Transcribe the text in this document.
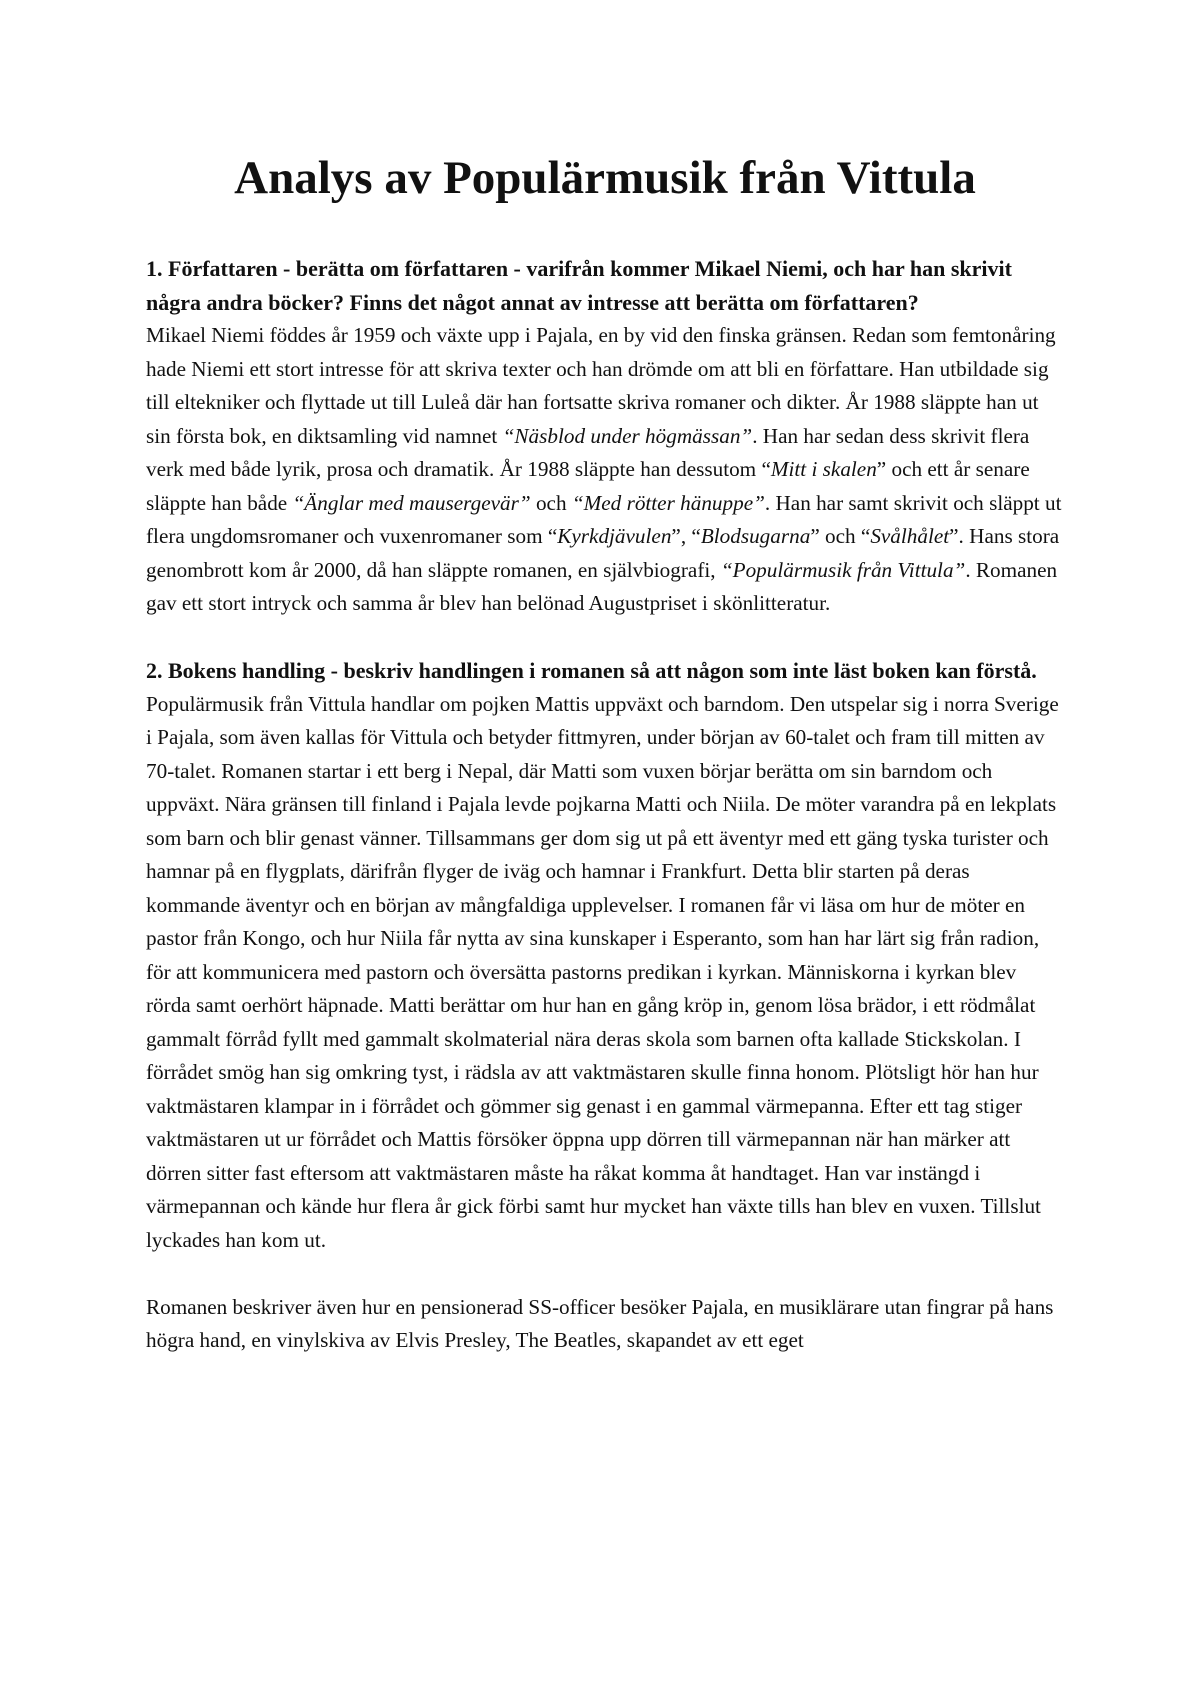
Analys av Populärmusik från Vittula

1. Författaren - berätta om författaren - varifrån kommer Mikael Niemi, och har han skrivit några andra böcker? Finns det något annat av intresse att berätta om författaren?

Mikael Niemi föddes år 1959 och växte upp i Pajala, en by vid den finska gränsen. Redan som femtonåring hade Niemi ett stort intresse för att skriva texter och han drömde om att bli en författare. Han utbildade sig till eltekniker och flyttade ut till Luleå där han fortsatte skriva romaner och dikter. År 1988 släppte han ut sin första bok, en diktsamling vid namnet “Näsblod under högmässan”. Han har sedan dess skrivit flera verk med både lyrik, prosa och dramatik. År 1988 släppte han dessutom “Mitt i skalen” och ett år senare släppte han både “Änglar med mausergevär” och “Med rötter hänuppe”. Han har samt skrivit och släppt ut flera ungdomsromaner och vuxenromaner som “Kyrkdjävulen”, “Blodsugarna” och “Svålhålet”. Hans stora genombrott kom år 2000, då han släppte romanen, en självbiografi, “Populärmusik från Vittula”. Romanen gav ett stort intryck och samma år blev han belönad Augustpriset i skönlitteratur.

2. Bokens handling - beskriv handlingen i romanen så att någon som inte läst boken kan förstå.

Populärmusik från Vittula handlar om pojken Mattis uppväxt och barndom. Den utspelar sig i norra Sverige i Pajala, som även kallas för Vittula och betyder fittmyren, under början av 60-talet och fram till mitten av 70-talet. Romanen startar i ett berg i Nepal, där Matti som vuxen börjar berätta om sin barndom och uppväxt. Nära gränsen till finland i Pajala levde pojkarna Matti och Niila. De möter varandra på en lekplats som barn och blir genast vänner. Tillsammans ger dom sig ut på ett äventyr med ett gäng tyska turister och hamnar på en flygplats, därifrån flyger de iväg och hamnar i Frankfurt. Detta blir starten på deras kommande äventyr och en början av mångfaldiga upplevelser. I romanen får vi läsa om hur de möter en pastor från Kongo, och hur Niila får nytta av sina kunskaper i Esperanto, som han har lärt sig från radion, för att kommunicera med pastorn och översätta pastorns predikan i kyrkan. Människorna i kyrkan blev rörda samt oerhört häpnade. Matti berättar om hur han en gång kröp in, genom lösa brädor, i ett rödmålat gammalt förråd fyllt med gammalt skolmaterial nära deras skola som barnen ofta kallade Stickskolan. I förrådet smög han sig omkring tyst, i rädsla av att vaktmästaren skulle finna honom. Plötsligt hör han hur vaktmästaren klampar in i förrådet och gömmer sig genast i en gammal värmepanna. Efter ett tag stiger vaktmästaren ut ur förrådet och Mattis försöker öppna upp dörren till värmepannan när han märker att dörren sitter fast eftersom att vaktmästaren måste ha råkat komma åt handtaget. Han var instängd i värmepannan och kände hur flera år gick förbi samt hur mycket han växte tills han blev en vuxen. Tillslut lyckades han kom ut.

Romanen beskriver även hur en pensionerad SS-officer besöker Pajala, en musiklärare utan fingrar på hans högra hand, en vinylskiva av Elvis Presley, The Beatles, skapandet av ett eget
